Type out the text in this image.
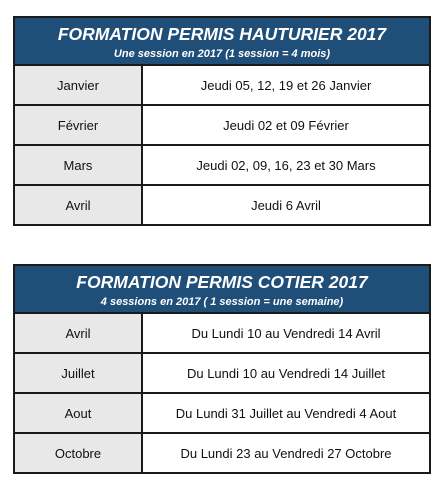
FORMATION PERMIS HAUTURIER 2017
Une session en 2017 (1 session = 4 mois)
Janvier	Jeudi 05, 12, 19 et 26 Janvier
Février	Jeudi 02 et 09 Février
Mars	Jeudi 02, 09, 16, 23 et 30 Mars
Avril	Jeudi 6 Avril
FORMATION PERMIS COTIER 2017
4 sessions en 2017 ( 1 session = une semaine)
Avril	Du Lundi 10 au Vendredi 14 Avril
Juillet	Du Lundi 10 au Vendredi 14 Juillet
Aout	Du Lundi 31 Juillet au Vendredi 4 Aout
Octobre	Du Lundi 23 au Vendredi 27 Octobre
